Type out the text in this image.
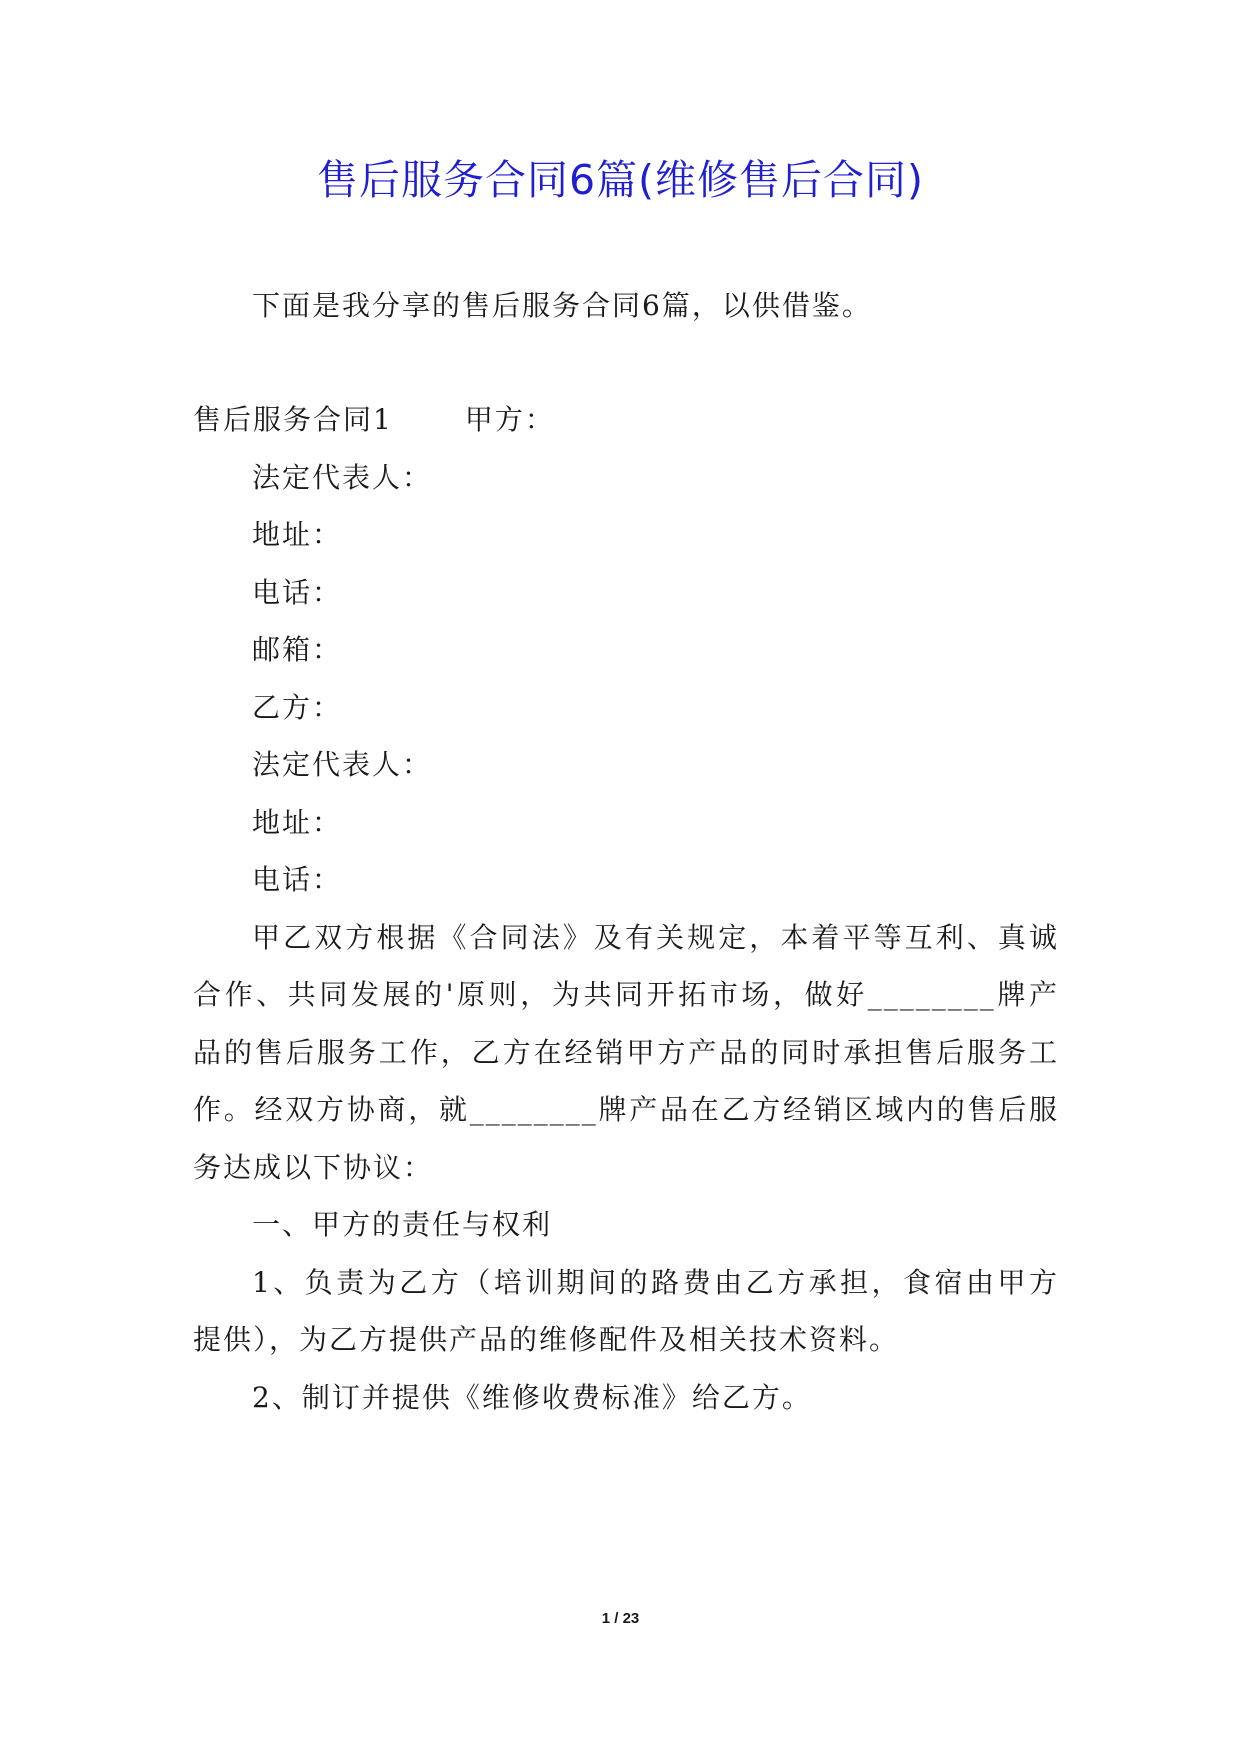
售后服务合同6篇(维修售后合同)
下面是我分享的售后服务合同6篇，以供借鉴。
售后服务合同1	甲方：
法定代表人：
地址：
电话：
邮箱：
乙方：
法定代表人：
地址：
电话：
甲乙双方根据《合同法》及有关规定，本着平等互利、真诚
合作、共同发展的'原则，为共同开拓市场，做好________牌产
品的售后服务工作，乙方在经销甲方产品的同时承担售后服务工
作。经双方协商，就________牌产品在乙方经销区域内的售后服
务达成以下协议：
一、甲方的责任与权利
1、负责为乙方（培训期间的路费由乙方承担，食宿由甲方
提供），为乙方提供产品的维修配件及相关技术资料。
2、制订并提供《维修收费标准》给乙方。
1 / 23
